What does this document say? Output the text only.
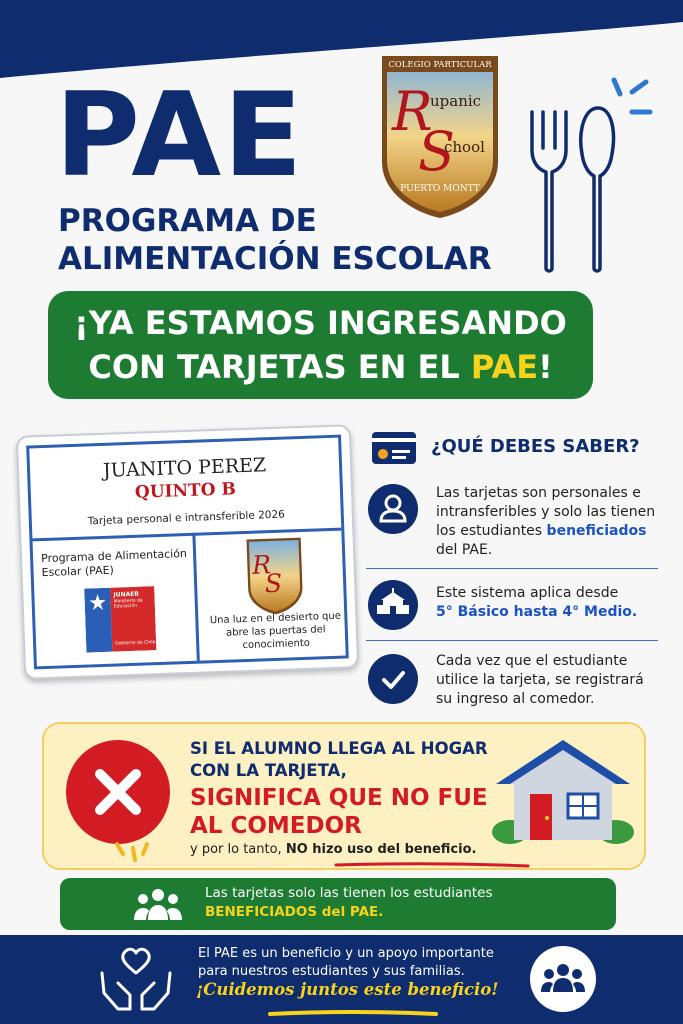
PAE
PROGRAMA DE
ALIMENTACIÓN ESCOLAR
R
S
COLEGIO PARTICULAR
upanic
chool
PUERTO MONTT
¡YA ESTAMOS INGRESANDO
CON TARJETAS EN EL PAE!
JUANITO PEREZ
QUINTO B
Tarjeta personal e intransferible 2026
Programa de Alimentación Escolar (PAE)
JUNAEB
Ministerio de Educación
Gobierno de Chile
R
S
Una luz en el desierto que abre las puertas del conocimiento
¿QUÉ DEBES SABER?
Las tarjetas son personales e intransferibles y solo las tienen los estudiantes beneficiados del PAE.
Este sistema aplica desde
5° Básico hasta 4° Medio.
Cada vez que el estudiante utilice la tarjeta, se registrará su ingreso al comedor.
SI EL ALUMNO LLEGA AL HOGAR
CON LA TARJETA,
SIGNIFICA QUE NO FUE
AL COMEDOR
y por lo tanto, NO hizo uso del beneficio.
Las tarjetas solo las tienen los estudiantes
BENEFICIADOS del PAE.
El PAE es un beneficio y un apoyo importante
para nuestros estudiantes y sus familias.
¡Cuidemos juntos este beneficio!
